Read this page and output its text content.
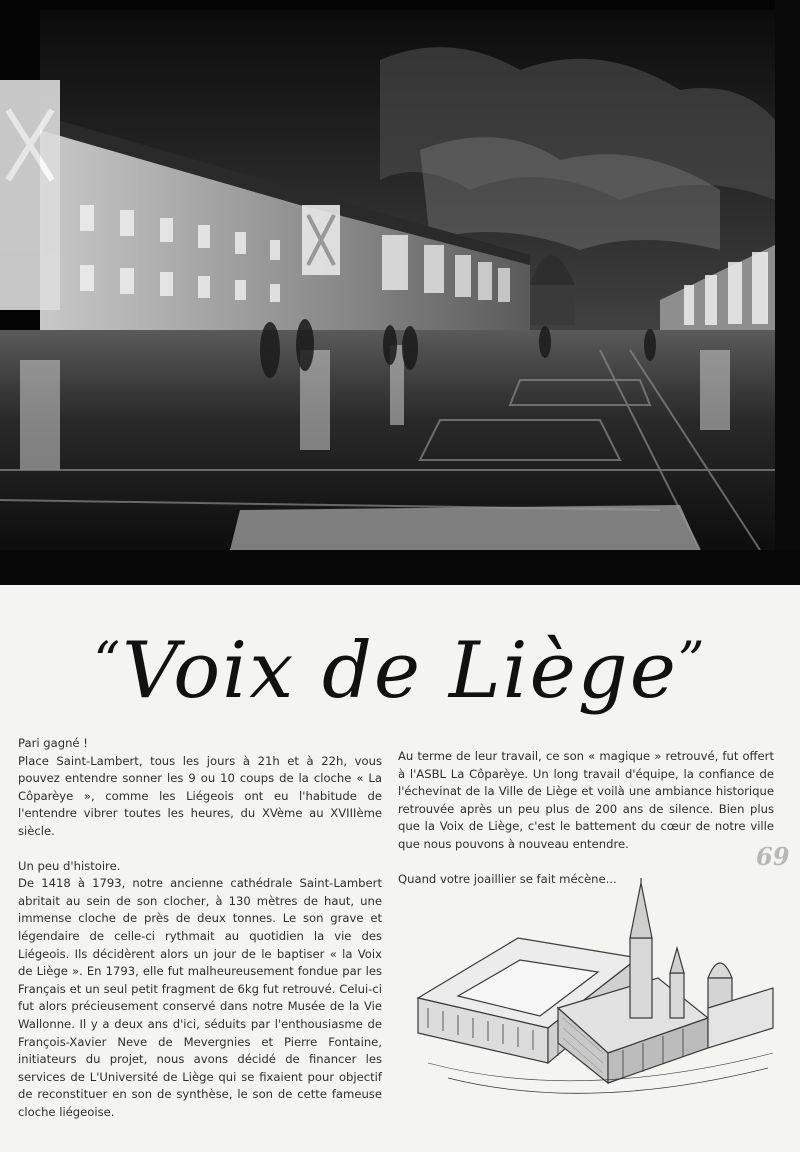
“Voix de Liège”

Pari gagné !
Place Saint-Lambert, tous les jours à 21h et à 22h, vous pouvez entendre sonner les 9 ou 10 coups de la cloche « La Côparèye », comme les Liégeois ont eu l'habitude de l'entendre vibrer toutes les heures, du XVème au XVIIIème siècle.

Un peu d'histoire.
De 1418 à 1793, notre ancienne cathédrale Saint-Lambert abritait au sein de son clocher, à 130 mètres de haut, une immense cloche de près de deux tonnes. Le son grave et légendaire de celle-ci rythmait au quotidien la vie des Liégeois. Ils décidèrent alors un jour de le baptiser « la Voix de Liège ». En 1793, elle fut malheureusement fondue par les Français et un seul petit fragment de 6kg fut retrouvé. Celui-ci fut alors précieusement conservé dans notre Musée de la Vie Wallonne. Il y a deux ans d'ici, séduits par l'enthousiasme de François-Xavier Neve de Mevergnies et Pierre Fontaine, initiateurs du projet, nous avons décidé de financer les services de L'Université de Liège qui se fixaient pour objectif de reconstituer en son de synthèse, le son de cette fameuse cloche liégeoise.

Au terme de leur travail, ce son « magique » retrouvé, fut offert à l'ASBL La Côparèye. Un long travail d'équipe, la confiance de l'échevinat de la Ville de Liège et voilà une ambiance historique retrouvée après un peu plus de 200 ans de silence. Bien plus que la Voix de Liège, c'est le battement du cœur de notre ville que nous pouvons à nouveau entendre.

Quand votre joaillier se fait mécène...

69
